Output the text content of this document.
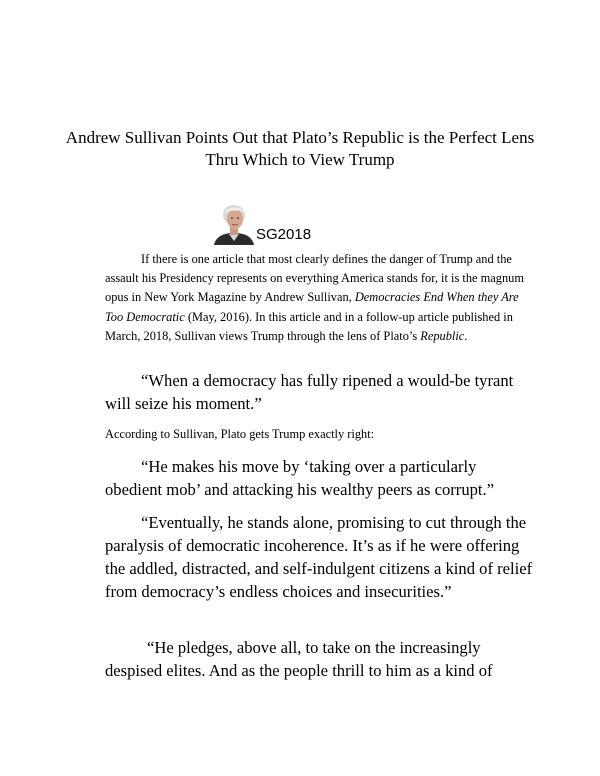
Andrew Sullivan Points Out that Plato’s Republic is the Perfect Lens Thru Which to View Trump
SG2018

If there is one article that most clearly defines the danger of Trump and the assault his Presidency represents on everything America stands for, it is the magnum opus in New York Magazine by Andrew Sullivan, Democracies End When they Are Too Democratic (May, 2016). In this article and in a follow-up article published in March, 2018, Sullivan views Trump through the lens of Plato’s Republic.

“When a democracy has fully ripened a would-be tyrant will seize his moment.”

According to Sullivan, Plato gets Trump exactly right:

“He makes his move by ‘taking over a particularly obedient mob’ and attacking his wealthy peers as corrupt.”

“Eventually, he stands alone, promising to cut through the paralysis of democratic incoherence. It’s as if he were offering the addled, distracted, and self-indulgent citizens a kind of relief from democracy’s endless choices and insecurities.”

“He pledges, above all, to take on the increasingly despised elites. And as the people thrill to him as a kind of
